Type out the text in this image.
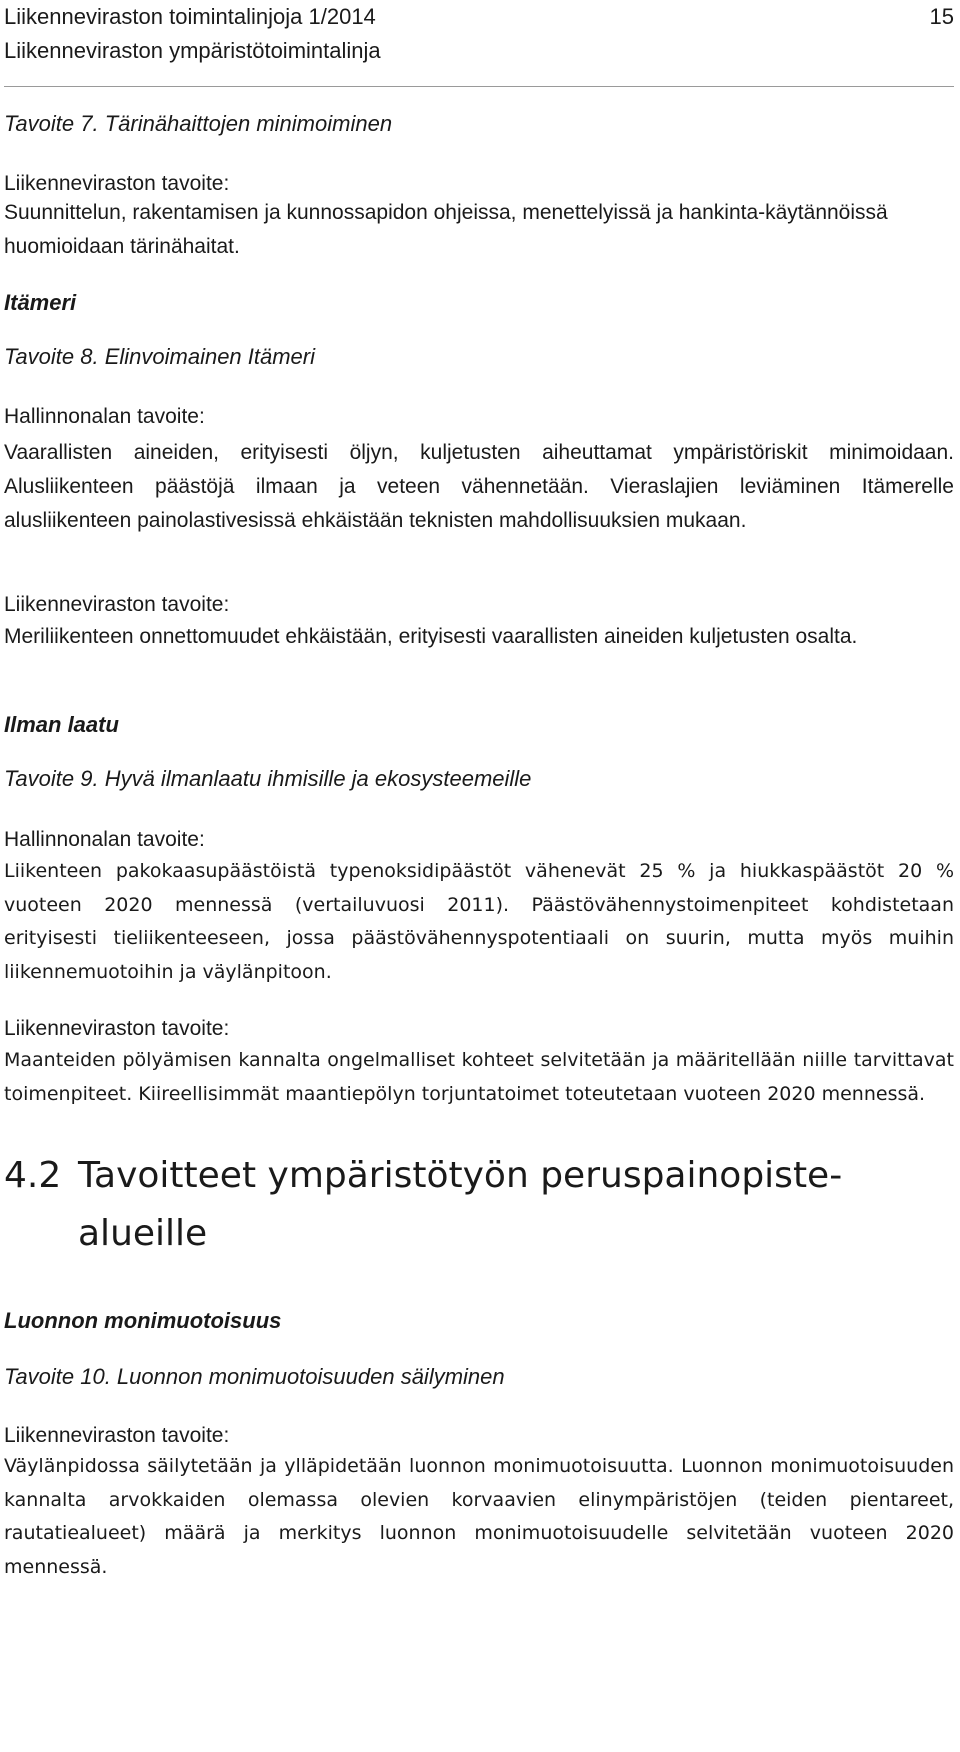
Liikenneviraston toimintalinjoja 1/2014
Liikenneviraston ympäristötoimintalinja
15

Tavoite 7. Tärinähaittojen minimoiminen

Liikenneviraston tavoite:

Suunnittelun, rakentamisen ja kunnossapidon ohjeissa, menettelyissä ja hankinta-käytännöissä huomioidaan tärinähaitat.

Itämeri

Tavoite 8. Elinvoimainen Itämeri

Hallinnonalan tavoite:

Vaarallisten aineiden, erityisesti öljyn, kuljetusten aiheuttamat ympäristöriskit minimoidaan. Alusliikenteen päästöjä ilmaan ja veteen vähennetään. Vieraslajien leviäminen Itämerelle alusliikenteen painolastivesissä ehkäistään teknisten mahdollisuuksien mukaan.

Liikenneviraston tavoite:

Meriliikenteen onnettomuudet ehkäistään, erityisesti vaarallisten aineiden kuljetusten osalta.

Ilman laatu

Tavoite 9. Hyvä ilmanlaatu ihmisille ja ekosysteemeille

Hallinnonalan tavoite:

Liikenteen pakokaasupäästöistä typenoksidipäästöt vähenevät 25 % ja hiukkaspäästöt 20 % vuoteen 2020 mennessä (vertailuvuosi 2011). Päästövähennystoimenpiteet kohdistetaan erityisesti tieliikenteeseen, jossa päästövähennyspotentiaali on suurin, mutta myös muihin liikennemuotoihin ja väylänpitoon.

Liikenneviraston tavoite:

Maanteiden pölyämisen kannalta ongelmalliset kohteet selvitetään ja määritellään niille tarvittavat toimenpiteet. Kiireellisimmät maantiepölyn torjuntatoimet toteutetaan vuoteen 2020 mennessä.

4.2 Tavoitteet ympäristötyön peruspainopiste-alueille

Luonnon monimuotoisuus

Tavoite 10. Luonnon monimuotoisuuden säilyminen

Liikenneviraston tavoite:

Väylänpidossa säilytetään ja ylläpidetään luonnon monimuotoisuutta. Luonnon monimuotoisuuden kannalta arvokkaiden olemassa olevien korvaavien elinympäristöjen (teiden pientareet, rautatiealueet) määrä ja merkitys luonnon monimuotoisuudelle selvitetään vuoteen 2020 mennessä.
